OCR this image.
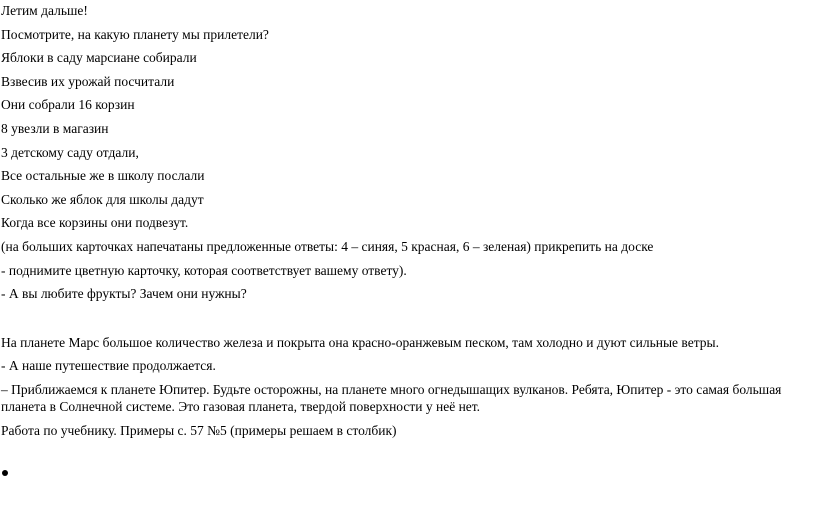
Летим дальше!
Посмотрите, на какую планету мы прилетели?
Яблоки в саду марсиане собирали
Взвесив их урожай посчитали
Они собрали 16 корзин
8 увезли в магазин
3 детскому саду отдали,
Все остальные же в школу послали
Сколько же яблок для школы дадут
Когда все корзины они подвезут.
(на больших карточках напечатаны предложенные ответы: 4 – синяя, 5 красная, 6 – зеленая) прикрепить на доске
- поднимите цветную карточку, которая соответствует вашему ответу).
- А вы любите фрукты? Зачем они нужны?
На планете Марс большое количество железа и покрыта она красно-оранжевым песком, там холодно и дуют сильные ветры.
- А наше путешествие продолжается.
– Приближаемся к планете Юпитер. Будьте осторожны, на планете много огнедышащих вулканов. Ребята, Юпитер - это самая большая планета в Солнечной системе. Это газовая планета, твердой поверхности у неё нет.
Работа по учебнику. Примеры с. 57 №5 (примеры решаем в столбик)
